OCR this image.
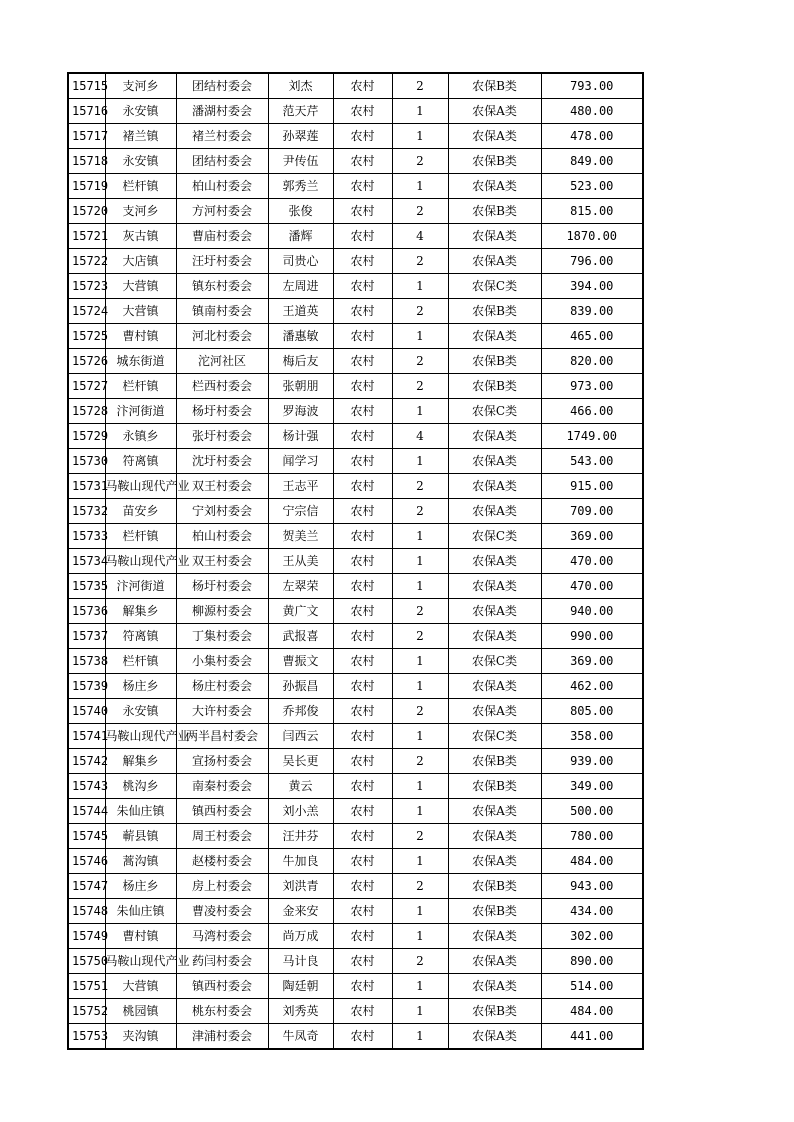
15715	支河乡	团结村委会	刘杰	农村	2	农保B类	793.00
15716	永安镇	潘湖村委会	范天芹	农村	1	农保A类	480.00
15717	褚兰镇	褚兰村委会	孙翠莲	农村	1	农保A类	478.00
15718	永安镇	团结村委会	尹传伍	农村	2	农保B类	849.00
15719	栏杆镇	柏山村委会	郭秀兰	农村	1	农保A类	523.00
15720	支河乡	方河村委会	张俊	农村	2	农保B类	815.00
15721	灰古镇	曹庙村委会	潘辉	农村	4	农保A类	1870.00
15722	大店镇	汪圩村委会	司贵心	农村	2	农保A类	796.00
15723	大营镇	镇东村委会	左周进	农村	1	农保C类	394.00
15724	大营镇	镇南村委会	王道英	农村	2	农保B类	839.00
15725	曹村镇	河北村委会	潘惠敏	农村	1	农保A类	465.00
15726	城东街道	沱河社区	梅后友	农村	2	农保B类	820.00
15727	栏杆镇	栏西村委会	张朝朋	农村	2	农保B类	973.00
15728	汴河街道	杨圩村委会	罗海波	农村	1	农保C类	466.00
15729	永镇乡	张圩村委会	杨计强	农村	4	农保A类	1749.00
15730	符离镇	沈圩村委会	闻学习	农村	1	农保A类	543.00
15731	马鞍山现代产业	双王村委会	王志平	农村	2	农保A类	915.00
15732	苗安乡	宁刘村委会	宁宗信	农村	2	农保A类	709.00
15733	栏杆镇	柏山村委会	贺美兰	农村	1	农保C类	369.00
15734	马鞍山现代产业	双王村委会	王从美	农村	1	农保A类	470.00
15735	汴河街道	杨圩村委会	左翠荣	农村	1	农保A类	470.00
15736	解集乡	柳源村委会	黄广文	农村	2	农保A类	940.00
15737	符离镇	丁集村委会	武报喜	农村	2	农保A类	990.00
15738	栏杆镇	小集村委会	曹振文	农村	1	农保C类	369.00
15739	杨庄乡	杨庄村委会	孙振昌	农村	1	农保A类	462.00
15740	永安镇	大许村委会	乔邦俊	农村	2	农保A类	805.00
15741	马鞍山现代产业	两半昌村委会	闫西云	农村	1	农保C类	358.00
15742	解集乡	宣扬村委会	吴长更	农村	2	农保B类	939.00
15743	桃沟乡	南秦村委会	黄云	农村	1	农保B类	349.00
15744	朱仙庄镇	镇西村委会	刘小羔	农村	1	农保A类	500.00
15745	蕲县镇	周王村委会	汪井芬	农村	2	农保A类	780.00
15746	蒿沟镇	赵楼村委会	牛加良	农村	1	农保A类	484.00
15747	杨庄乡	房上村委会	刘洪青	农村	2	农保B类	943.00
15748	朱仙庄镇	曹凌村委会	金来安	农村	1	农保B类	434.00
15749	曹村镇	马湾村委会	尚万成	农村	1	农保A类	302.00
15750	马鞍山现代产业	药闫村委会	马计良	农村	2	农保A类	890.00
15751	大营镇	镇西村委会	陶廷朝	农村	1	农保A类	514.00
15752	桃园镇	桃东村委会	刘秀英	农村	1	农保B类	484.00
15753	夹沟镇	津浦村委会	牛凤奇	农村	1	农保A类	441.00
